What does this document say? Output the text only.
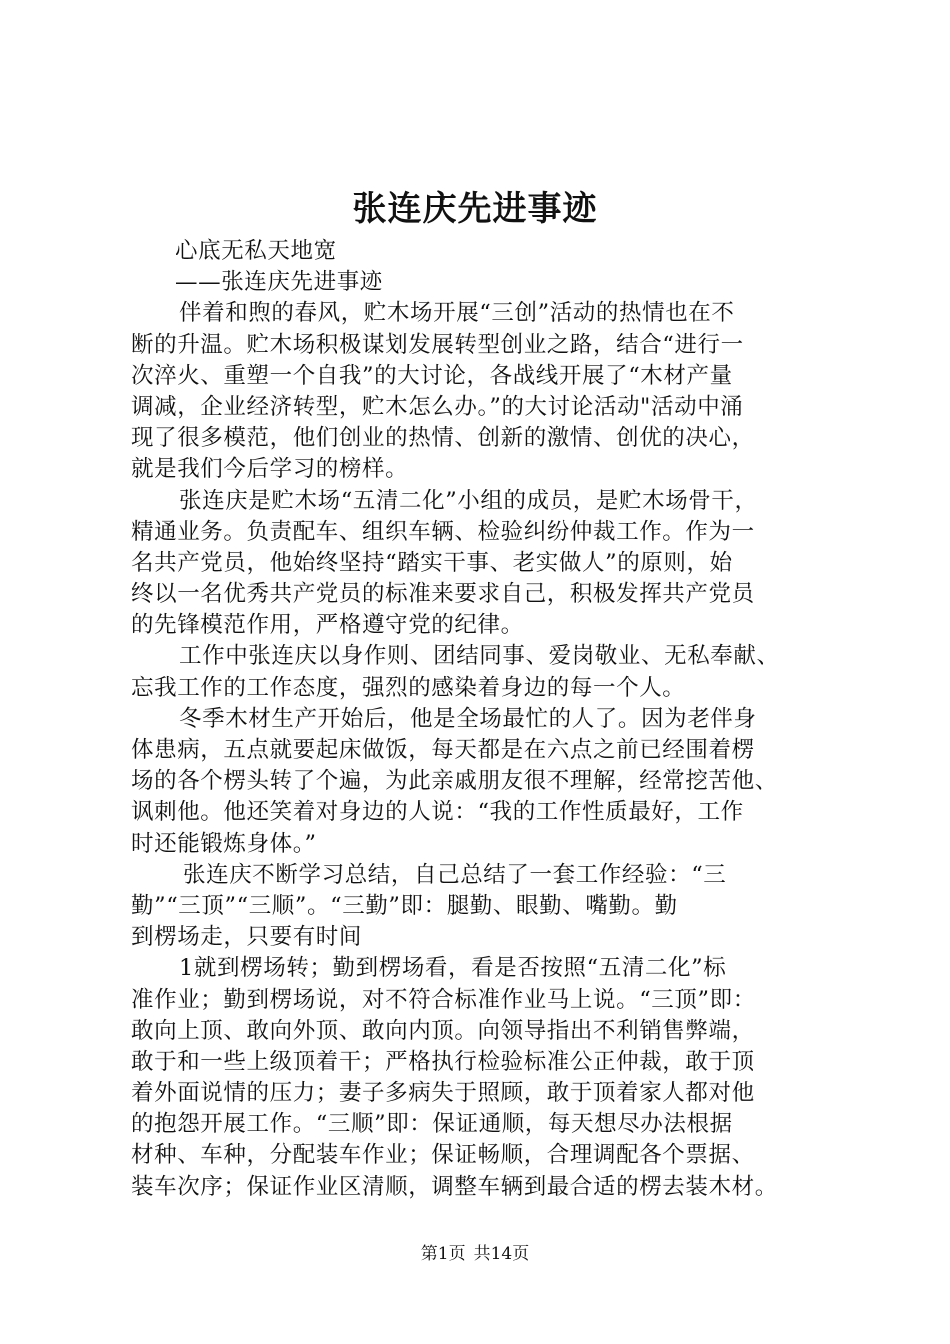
张连庆先进事迹
心底无私天地宽
——张连庆先进事迹
伴着和煦的春风，贮木场开展“三创”活动的热情也在不
断的升温。贮木场积极谋划发展转型创业之路，结合“进行一
次淬火、重塑一个自我”的大讨论，各战线开展了“木材产量
调减，企业经济转型，贮木怎么办。”的大讨论活动"活动中涌
现了很多模范，他们创业的热情、创新的激情、创优的决心，
就是我们今后学习的榜样。
张连庆是贮木场“五清二化”小组的成员，是贮木场骨干，
精通业务。负责配车、组织车辆、检验纠纷仲裁工作。作为一
名共产党员，他始终坚持“踏实干事、老实做人”的原则，始
终以一名优秀共产党员的标准来要求自己，积极发挥共产党员
的先锋模范作用，严格遵守党的纪律。
工作中张连庆以身作则、团结同事、爱岗敬业、无私奉献、
忘我工作的工作态度，强烈的感染着身边的每一个人。
冬季木材生产开始后，他是全场最忙的人了。因为老伴身
体患病，五点就要起床做饭，每天都是在六点之前已经围着楞
场的各个楞头转了个遍，为此亲戚朋友很不理解，经常挖苦他、
讽刺他。他还笑着对身边的人说：“我的工作性质最好，工作
时还能锻炼身体。”
张连庆不断学习总结，自己总结了一套工作经验：“三
勤”“三顶”“三顺”。“三勤”即：腿勤、眼勤、嘴勤。勤
到楞场走，只要有时间
1就到楞场转；勤到楞场看，看是否按照“五清二化”标
准作业；勤到楞场说，对不符合标准作业马上说。“三顶”即：
敢向上顶、敢向外顶、敢向内顶。向领导指出不利销售弊端，
敢于和一些上级顶着干；严格执行检验标准公正仲裁，敢于顶
着外面说情的压力；妻子多病失于照顾，敢于顶着家人都对他
的抱怨开展工作。“三顺”即：保证通顺，每天想尽办法根据
材种、车种，分配装车作业；保证畅顺，合理调配各个票据、
装车次序；保证作业区清顺，调整车辆到最合适的楞去装木材。
第1页 共14页
